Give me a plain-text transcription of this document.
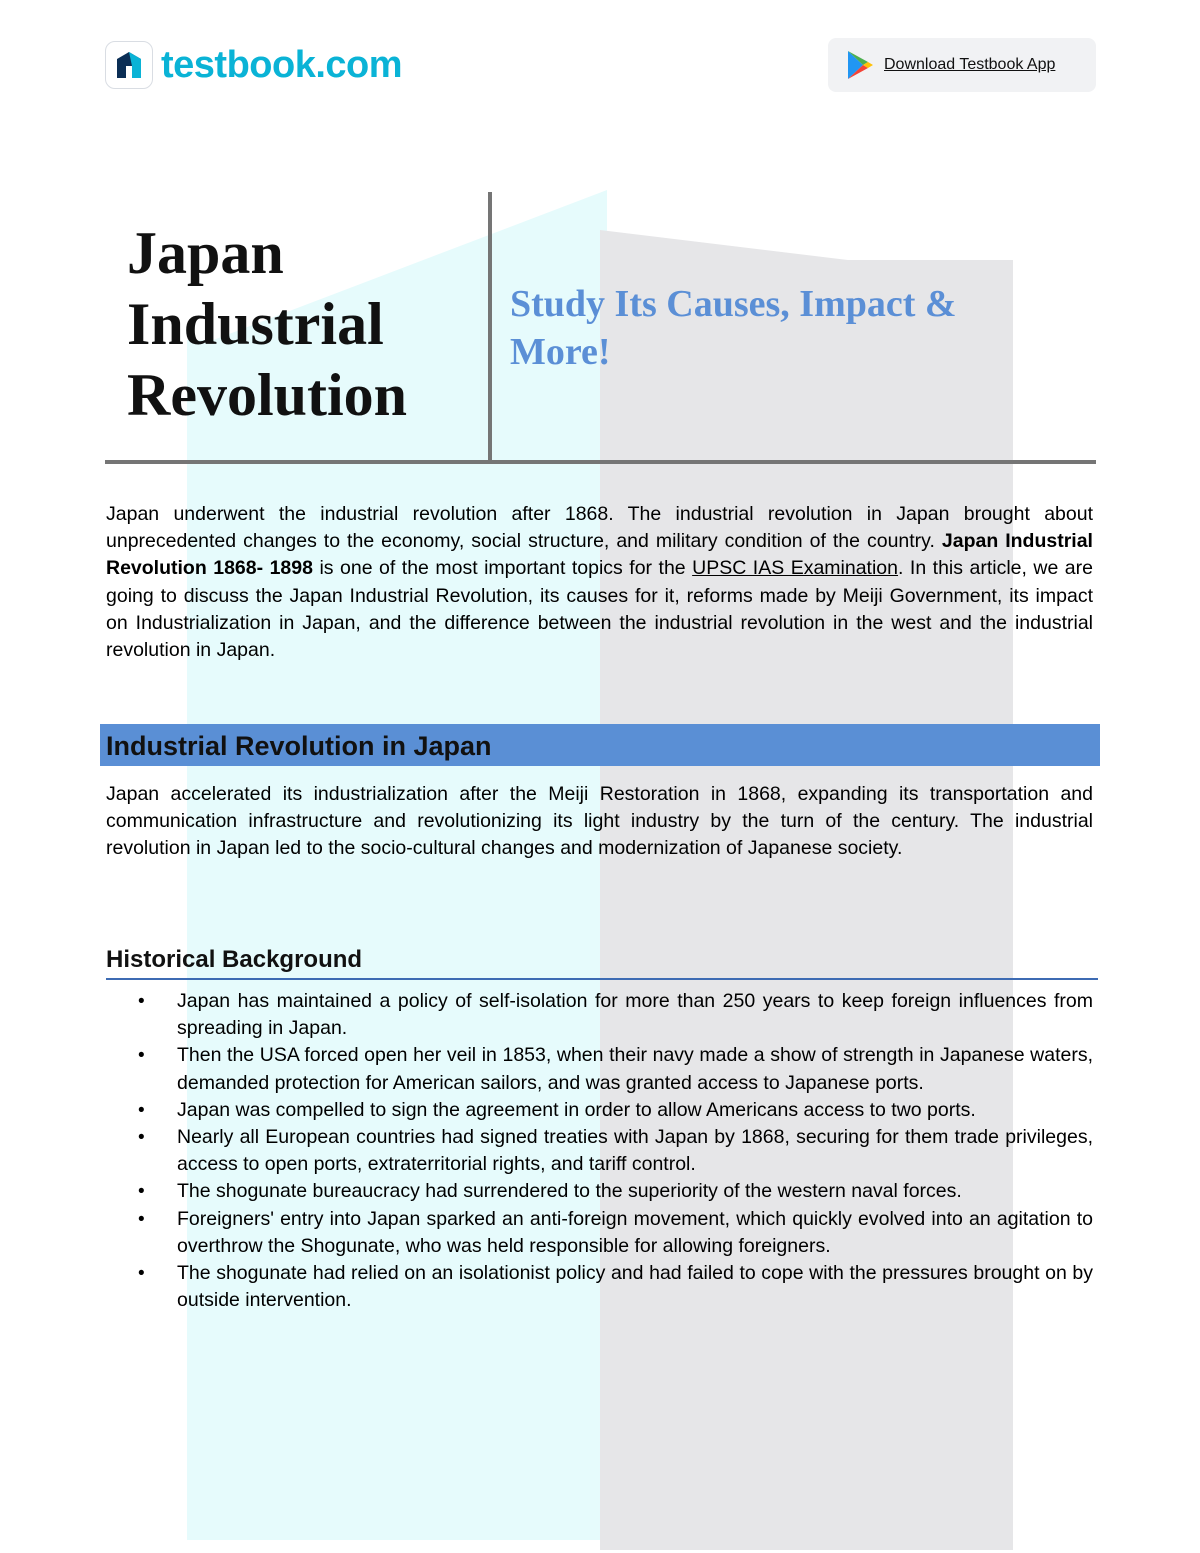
testbook.com	Download Testbook App
Japan
Industrial
Revolution
Study Its Causes, Impact & More!

Japan underwent the industrial revolution after 1868. The industrial revolution in Japan brought about unprecedented changes to the economy, social structure, and military condition of the country. Japan Industrial Revolution 1868- 1898 is one of the most important topics for the UPSC IAS Examination. In this article, we are going to discuss the Japan Industrial Revolution, its causes for it, reforms made by Meiji Government, its impact on Industrialization in Japan, and the difference between the industrial revolution in the west and the industrial revolution in Japan.

Industrial Revolution in Japan

Japan accelerated its industrialization after the Meiji Restoration in 1868, expanding its transportation and communication infrastructure and revolutionizing its light industry by the turn of the century. The industrial revolution in Japan led to the socio-cultural changes and modernization of Japanese society.

Historical Background
• Japan has maintained a policy of self-isolation for more than 250 years to keep foreign influences from spreading in Japan.
• Then the USA forced open her veil in 1853, when their navy made a show of strength in Japanese waters, demanded protection for American sailors, and was granted access to Japanese ports.
• Japan was compelled to sign the agreement in order to allow Americans access to two ports.
• Nearly all European countries had signed treaties with Japan by 1868, securing for them trade privileges, access to open ports, extraterritorial rights, and tariff control.
• The shogunate bureaucracy had surrendered to the superiority of the western naval forces.
• Foreigners' entry into Japan sparked an anti-foreign movement, which quickly evolved into an agitation to overthrow the Shogunate, who was held responsible for allowing foreigners.
• The shogunate had relied on an isolationist policy and had failed to cope with the pressures brought on by outside intervention.
